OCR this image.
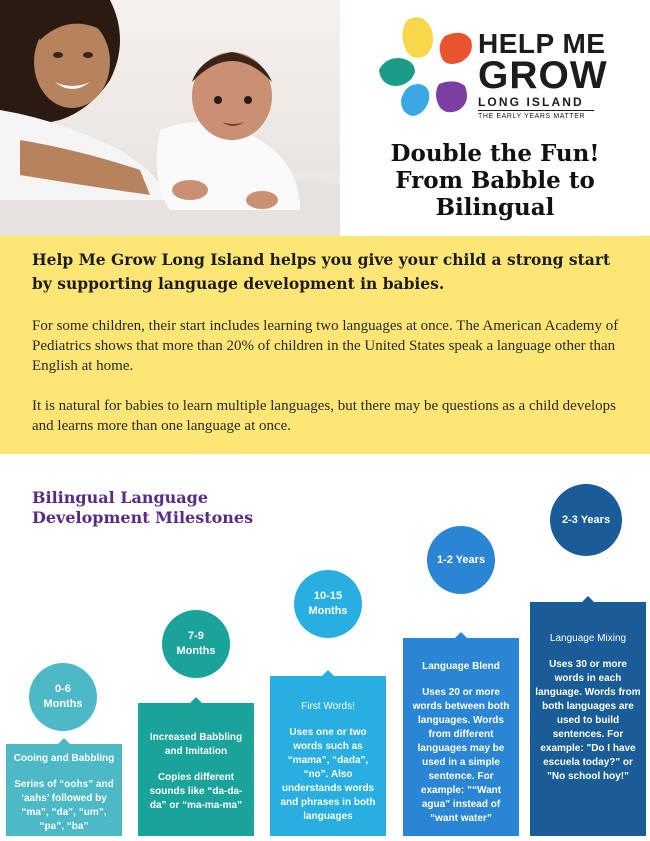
HELP ME
GROW
LONG ISLAND
THE EARLY YEARS MATTER
Double the Fun!
From Babble to
Bilingual
Help Me Grow Long Island helps you give your child a strong start by supporting language development in babies.
For some children, their start includes learning two languages at once. The American Academy of Pediatrics shows that more than 20% of children in the United States speak a language other than English at home.
It is natural for babies to learn multiple languages, but there may be questions as a child develops and learns more than one language at once.
Bilingual Language
Development Milestones
0-6
Months
Cooing and Babbling
Series of “oohs” and ‘aahs’ followed by “ma”, “da”, “um”, “pa”, “ba”
7-9
Months
Increased Babbling and Imitation
Copies different sounds like “da-da-da” or “ma-ma-ma”
10-15
Months
First Words!
Uses one or two words such as “mama”, “dada”, “no”. Also understands words and phrases in both languages
1-2 Years
Language Blend
Uses 20 or more words between both languages. Words from different languages may be used in a simple sentence. For example: ”“Want agua” instead of “want water”
2-3 Years
Language Mixing
Uses 30 or more words in each language. Words from both languages are used to build sentences. For example: "Do I have escuela today?" or "No school hoy!"
